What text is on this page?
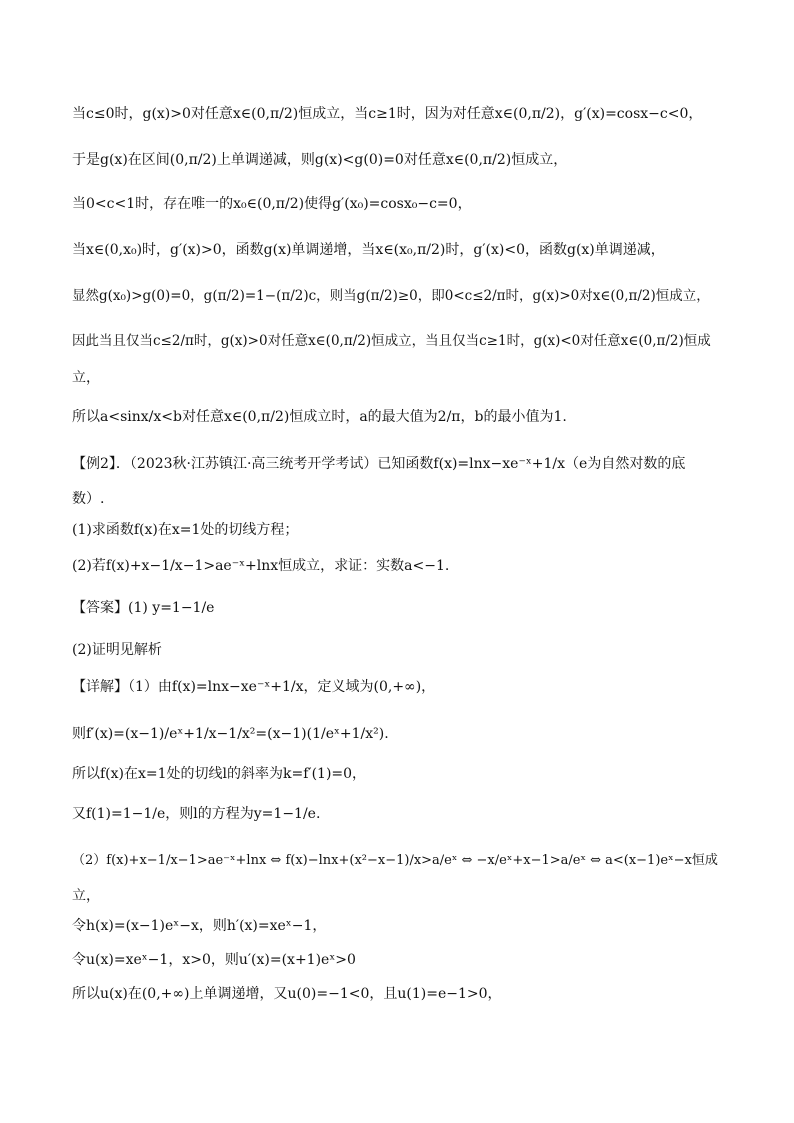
当c≤0时，g(x)>0对任意x∈(0,π/2)恒成立，当c≥1时，因为对任意x∈(0,π/2)，g′(x)=cosx−c<0，
于是g(x)在区间(0,π/2)上单调递减，则g(x)<g(0)=0对任意x∈(0,π/2)恒成立，
当0<c<1时，存在唯一的x₀∈(0,π/2)使得g′(x₀)=cosx₀−c=0，
当x∈(0,x₀)时，g′(x)>0，函数g(x)单调递增，当x∈(x₀,π/2)时，g′(x)<0，函数g(x)单调递减，
显然g(x₀)>g(0)=0，g(π/2)=1−(π/2)c，则当g(π/2)≥0，即0<c≤2/π时，g(x)>0对x∈(0,π/2)恒成立，
因此当且仅当c≤2/π时，g(x)>0对任意x∈(0,π/2)恒成立，当且仅当c≥1时，g(x)<0对任意x∈(0,π/2)恒成
立，
所以a<sinx/x<b对任意x∈(0,π/2)恒成立时，a的最大值为2/π，b的最小值为1.
【例2】．（2023秋·江苏镇江·高三统考开学考试）已知函数f(x)=lnx−xe⁻ˣ+1/x（e为自然对数的底
数）.
(1)求函数f(x)在x=1处的切线方程；
(2)若f(x)+x−1/x−1>ae⁻ˣ+lnx恒成立，求证：实数a<−1.
【答案】(1) y=1−1/e
(2)证明见解析
【详解】（1）由f(x)=lnx−xe⁻ˣ+1/x，定义域为(0,+∞)，
则f′(x)=(x−1)/eˣ+1/x−1/x²=(x−1)(1/eˣ+1/x²).
所以f(x)在x=1处的切线l的斜率为k=f′(1)=0，
又f(1)=1−1/e，则l的方程为y=1−1/e.
（2）f(x)+x−1/x−1>ae⁻ˣ+lnx ⇔ f(x)−lnx+(x²−x−1)/x>a/eˣ ⇔ −x/eˣ+x−1>a/eˣ ⇔ a<(x−1)eˣ−x恒成
立，
令h(x)=(x−1)eˣ−x，则h′(x)=xeˣ−1，
令u(x)=xeˣ−1，x>0，则u′(x)=(x+1)eˣ>0
所以u(x)在(0,+∞)上单调递增，又u(0)=−1<0，且u(1)=e−1>0，
